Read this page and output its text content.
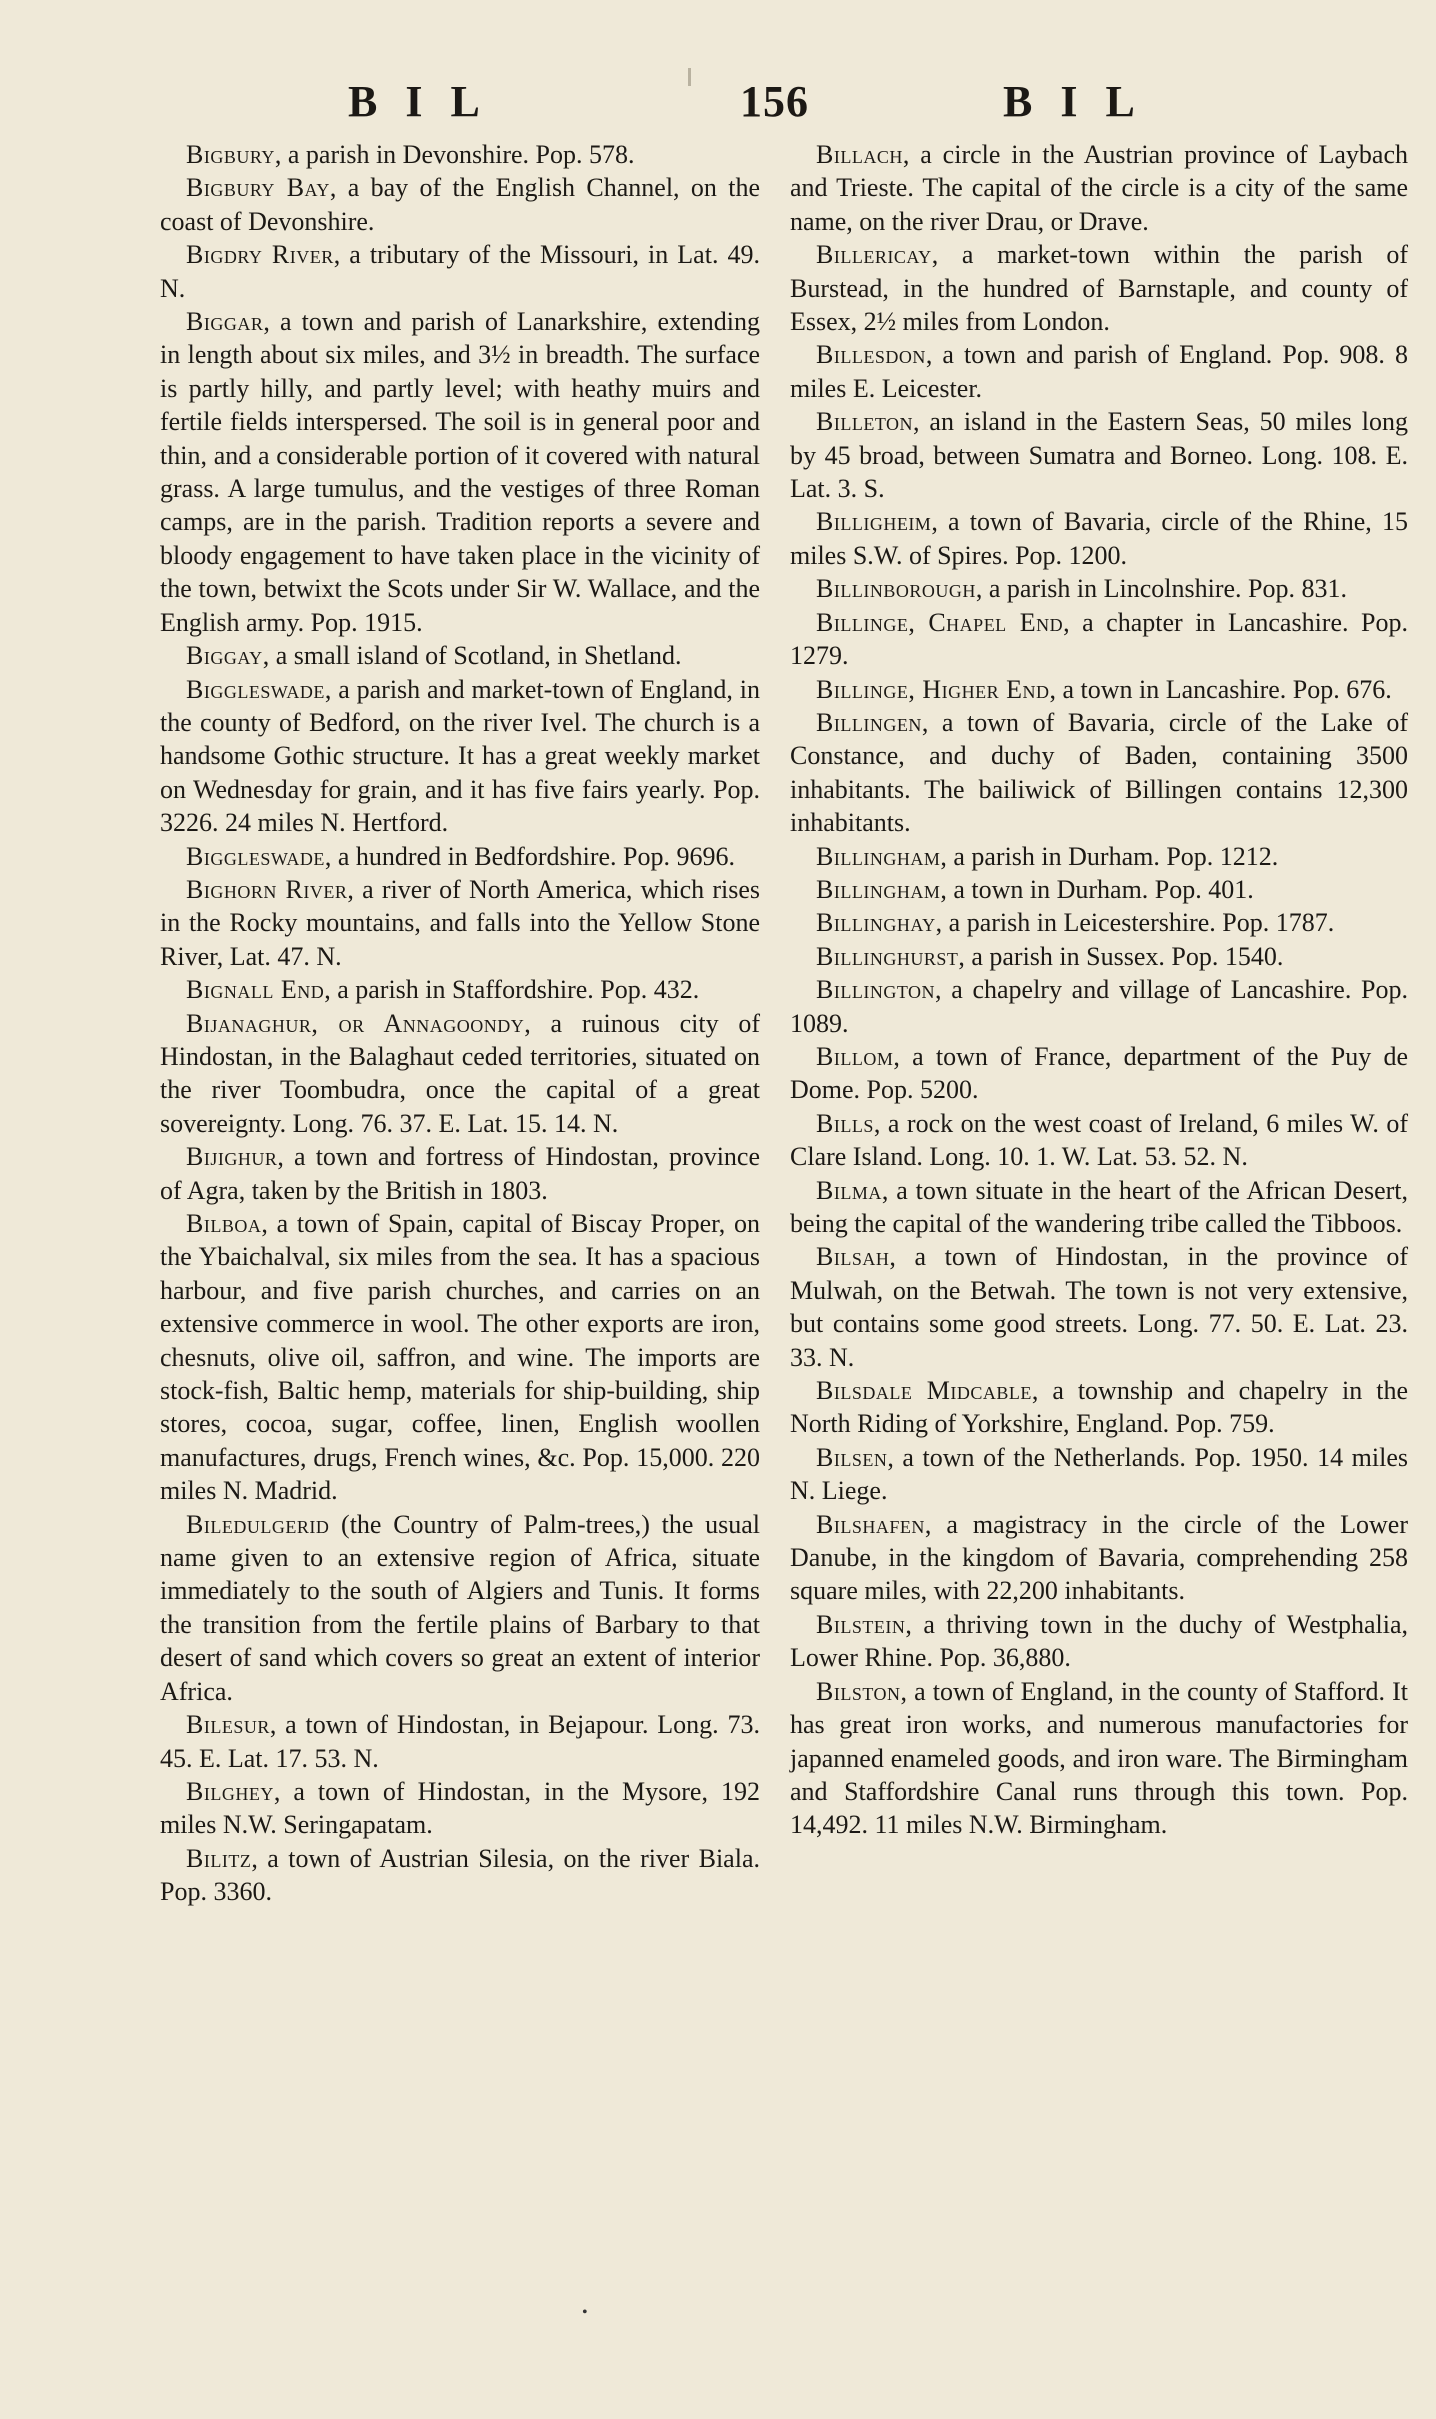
BIL	156	BIL

Bigbury, a parish in Devonshire. Pop. 578.

Bigbury Bay, a bay of the English Channel, on the coast of Devonshire.

Bigdry River, a tributary of the Missouri, in Lat. 49. N.

Biggar, a town and parish of Lanarkshire, extending in length about six miles, and 3½ in breadth. The surface is partly hilly, and partly level; with heathy muirs and fertile fields interspersed. The soil is in general poor and thin, and a considerable portion of it covered with natural grass. A large tumulus, and the vestiges of three Roman camps, are in the parish. Tradition reports a severe and bloody engagement to have taken place in the vicinity of the town, betwixt the Scots under Sir W. Wallace, and the English army. Pop. 1915.

Biggay, a small island of Scotland, in Shetland.

Biggleswade, a parish and market-town of England, in the county of Bedford, on the river Ivel. The church is a handsome Gothic structure. It has a great weekly market on Wednesday for grain, and it has five fairs yearly. Pop. 3226. 24 miles N. Hertford.

Biggleswade, a hundred in Bedfordshire. Pop. 9696.

Bighorn River, a river of North America, which rises in the Rocky mountains, and falls into the Yellow Stone River, Lat. 47. N.

Bignall End, a parish in Staffordshire. Pop. 432.

Bijanaghur, or Annagoondy, a ruinous city of Hindostan, in the Balaghaut ceded territories, situated on the river Toombudra, once the capital of a great sovereignty. Long. 76. 37. E. Lat. 15. 14. N.

Bijighur, a town and fortress of Hindostan, province of Agra, taken by the British in 1803.

Bilboa, a town of Spain, capital of Biscay Proper, on the Ybaichalval, six miles from the sea. It has a spacious harbour, and five parish churches, and carries on an extensive commerce in wool. The other exports are iron, chesnuts, olive oil, saffron, and wine. The imports are stock-fish, Baltic hemp, materials for ship-building, ship stores, cocoa, sugar, coffee, linen, English woollen manufactures, drugs, French wines, &c. Pop. 15,000. 220 miles N. Madrid.

Biledulgerid (the Country of Palm-trees,) the usual name given to an extensive region of Africa, situate immediately to the south of Algiers and Tunis. It forms the transition from the fertile plains of Barbary to that desert of sand which covers so great an extent of interior Africa.

Bilesur, a town of Hindostan, in Bejapour. Long. 73. 45. E. Lat. 17. 53. N.

Bilghey, a town of Hindostan, in the Mysore, 192 miles N.W. Seringapatam.

Bilitz, a town of Austrian Silesia, on the river Biala. Pop. 3360.

Billach, a circle in the Austrian province of Laybach and Trieste. The capital of the circle is a city of the same name, on the river Drau, or Drave.

Billericay, a market-town within the parish of Burstead, in the hundred of Barnstaple, and county of Essex, 2½ miles from London.

Billesdon, a town and parish of England. Pop. 908. 8 miles E. Leicester.

Billeton, an island in the Eastern Seas, 50 miles long by 45 broad, between Sumatra and Borneo. Long. 108. E. Lat. 3. S.

Billigheim, a town of Bavaria, circle of the Rhine, 15 miles S.W. of Spires. Pop. 1200.

Billinborough, a parish in Lincolnshire. Pop. 831.

Billinge, Chapel End, a chapter in Lancashire. Pop. 1279.

Billinge, Higher End, a town in Lancashire. Pop. 676.

Billingen, a town of Bavaria, circle of the Lake of Constance, and duchy of Baden, containing 3500 inhabitants. The bailiwick of Billingen contains 12,300 inhabitants.

Billingham, a parish in Durham. Pop. 1212.

Billingham, a town in Durham. Pop. 401.

Billinghay, a parish in Leicestershire. Pop. 1787.

Billinghurst, a parish in Sussex. Pop. 1540.

Billington, a chapelry and village of Lancashire. Pop. 1089.

Billom, a town of France, department of the Puy de Dome. Pop. 5200.

Bills, a rock on the west coast of Ireland, 6 miles W. of Clare Island. Long. 10. 1. W. Lat. 53. 52. N.

Bilma, a town situate in the heart of the African Desert, being the capital of the wandering tribe called the Tibboos.

Bilsah, a town of Hindostan, in the province of Mulwah, on the Betwah. The town is not very extensive, but contains some good streets. Long. 77. 50. E. Lat. 23. 33. N.

Bilsdale Midcable, a township and chapelry in the North Riding of Yorkshire, England. Pop. 759.

Bilsen, a town of the Netherlands. Pop. 1950. 14 miles N. Liege.

Bilshafen, a magistracy in the circle of the Lower Danube, in the kingdom of Bavaria, comprehending 258 square miles, with 22,200 inhabitants.

Bilstein, a thriving town in the duchy of Westphalia, Lower Rhine. Pop. 36,880.

Bilston, a town of England, in the county of Stafford. It has great iron works, and numerous manufactories for japanned enameled goods, and iron ware. The Birmingham and Staffordshire Canal runs through this town. Pop. 14,492. 11 miles N.W. Birmingham.

•
